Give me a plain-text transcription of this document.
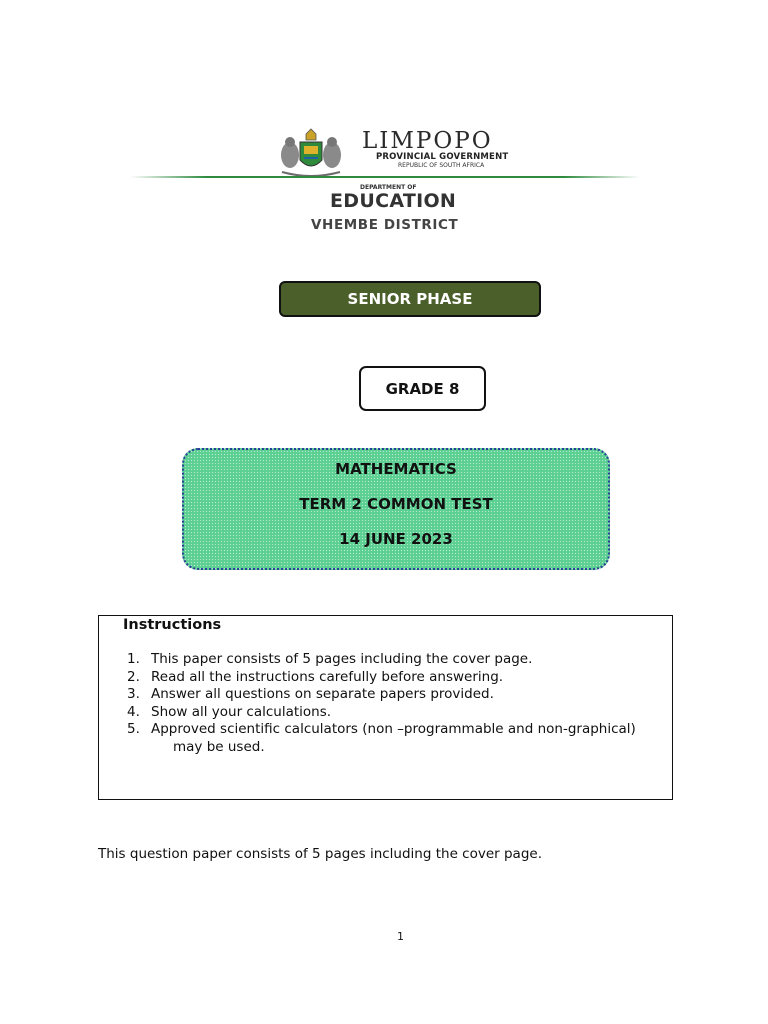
LIMPOPO
PROVINCIAL GOVERNMENT
REPUBLIC OF SOUTH AFRICA
DEPARTMENT OF
EDUCATION
VHEMBE DISTRICT
SENIOR PHASE
GRADE 8
MATHEMATICS
TERM 2 COMMON TEST
14 JUNE 2023
Instructions
1. This paper consists of 5 pages including the cover page.
2. Read all the instructions carefully before answering.
3. Answer all questions on separate papers provided.
4. Show all your calculations.
5. Approved scientific calculators (non –programmable and non-graphical)
may be used.
This question paper consists of 5 pages including the cover page.
1
